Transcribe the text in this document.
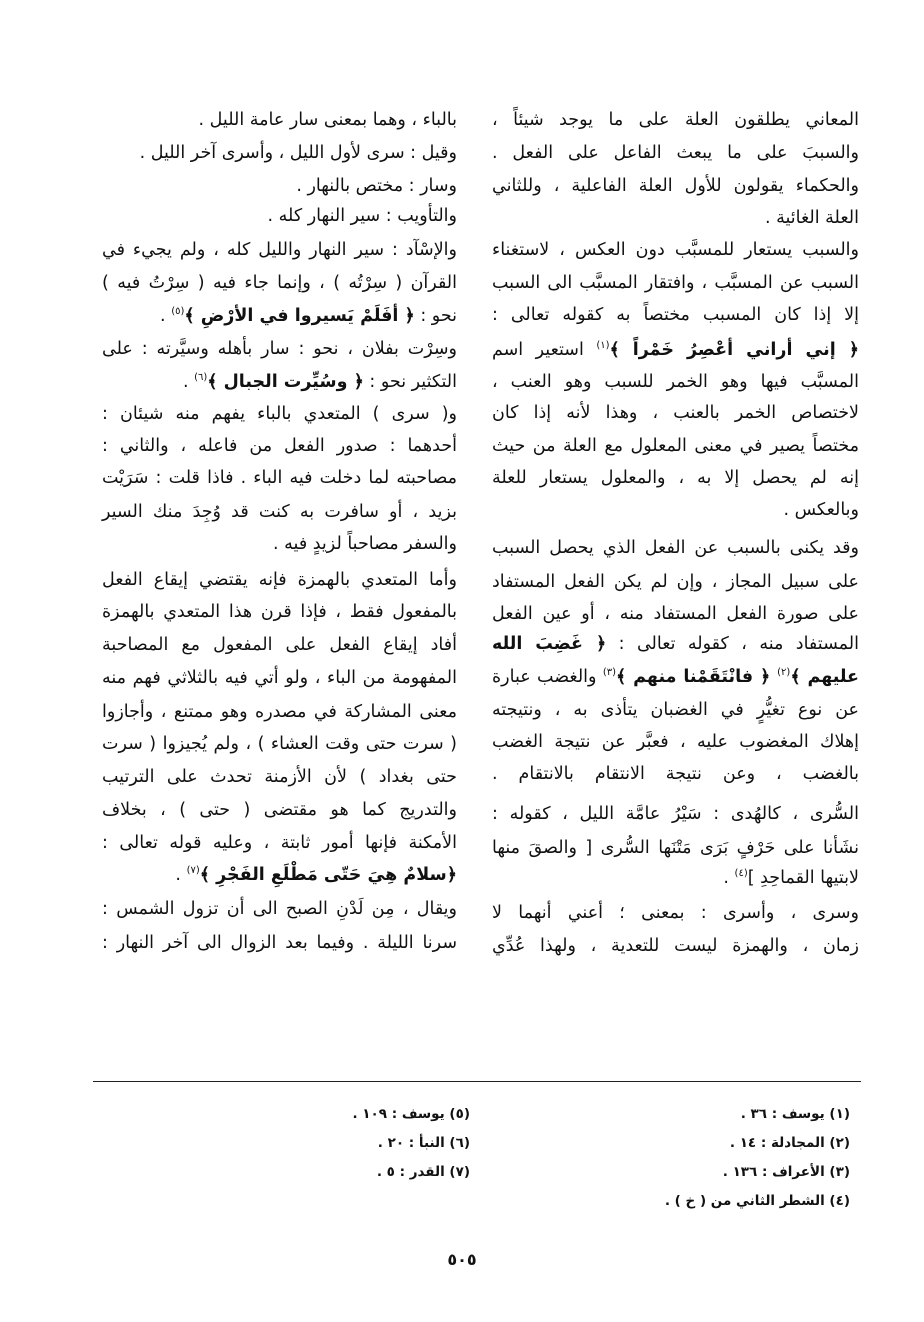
المعاني يطلقون العلة على ما يوجد شيئاً ،
والسببَ على ما يبعث الفاعل على الفعل .
والحكماء يقولون للأول العلة الفاعلية ، وللثاني
العلة الغائية .
والسبب يستعار للمسبَّب دون العكس ، لاستغناء
السبب عن المسبَّب ، وافتقار المسبَّب الى السبب
إلا إذا كان المسبب مختصاً به كقوله تعالى :
﴿ إني أراني أعْصِرُ خَمْراً ﴾$^{(١)}$ استعير اسم
المسبَّب فيها وهو الخمر للسبب وهو العنب ،
لاختصاص الخمر بالعنب ، وهذا لأنه إذا كان
مختصاً يصير في معنى المعلول مع العلة من حيث
إنه لم يحصل إلا به ، والمعلول يستعار للعلة
وبالعكس .
وقد يكنى بالسبب عن الفعل الذي يحصل السبب
على سبيل المجاز ، وإن لم يكن الفعل المستفاد
على صورة الفعل المستفاد منه ، أو عين الفعل
المستفاد منه ، كقوله تعالى : ﴿ غَضِبَ الله
عليهم ﴾$^{(٢)}$ ﴿ فانْتَقَمْنا منهم ﴾$^{(٣)}$ والغضب عبارة
عن نوع تغيُّرٍ في الغضبان يتأذى به ، ونتيجته
إهلاك المغضوب عليه ، فعبَّر عن نتيجة الغضب
بالغضب ، وعن نتيجة الانتقام بالانتقام .
السُّرى ، كالهُدى : سَيْرُ عامَّة الليل ، كقوله :
نشَأنا على حَرْفٍ بَرَى مَتْنَها السُّرى [ والصقَ منها
لابتيها القماحِدِ ]$^{(٤)}$ .
وسرى ، وأسرى : بمعنى ؛ أعني أنهما لا
زمان ، والهمزة ليست للتعدية ، ولهذا عُدِّي
بالباء ، وهما بمعنى سار عامة الليل .
وقيل : سرى لأول الليل ، وأسرى آخر الليل .
وسار : مختص بالنهار .
والتأويب : سير النهار كله .
والإسْآد : سير النهار والليل كله ، ولم يجيء في
القرآن ( سِرْتُه ) ، وإنما جاء فيه ( سِرْتُ فيه )
نحو : ﴿ أفَلَمْ يَسيروا في الأرْضِ ﴾$^{(٥)}$ .
وسِرْت بفلان ، نحو : سار بأهله وسيَّرته : على
التكثير نحو : ﴿ وسُيِّرت الجبال ﴾$^{(٦)}$ .
و( سرى ) المتعدي بالباء يفهم منه شيئان :
أحدهما : صدور الفعل من فاعله ، والثاني :
مصاحبته لما دخلت فيه الباء . فاذا قلت : سَرَيْت
بزيد ، أو سافرت به كنت قد وُجِدَ منك السير
والسفر مصاحباً لزيدٍ فيه .
وأما المتعدي بالهمزة فإنه يقتضي إيقاع الفعل
بالمفعول فقط ، فإذا قرن هذا المتعدي بالهمزة
أفاد إيقاع الفعل على المفعول مع المصاحبة
المفهومة من الباء ، ولو أتي فيه بالثلاثي فهم منه
معنى المشاركة في مصدره وهو ممتنع ، وأجازوا
( سرت حتى وقت العشاء ) ، ولم يُجيزوا ( سرت
حتى بغداد ) لأن الأزمنة تحدث على الترتيب
والتدريج كما هو مقتضى ( حتى ) ، بخلاف
الأمكنة فإنها أمور ثابتة ، وعليه قوله تعالى :
﴿سلامٌ هِيَ حَتّى مَطْلَعِ الفَجْرِ ﴾$^{(٧)}$ .
ويقال ، مِن لَدْنِ الصبح الى أن تزول الشمس :
سرنا الليلة . وفيما بعد الزوال الى آخر النهار :
(١) يوسف : ٣٦ .
(٢) المجادلة : ١٤ .
(٣) الأعراف : ١٣٦ .
(٤) الشطر الثاني من ( خ ) .
(٥) يوسف : ١٠٩ .
(٦) النبأ : ٢٠ .
(٧) القدر : ٥ .
٥٠٥
